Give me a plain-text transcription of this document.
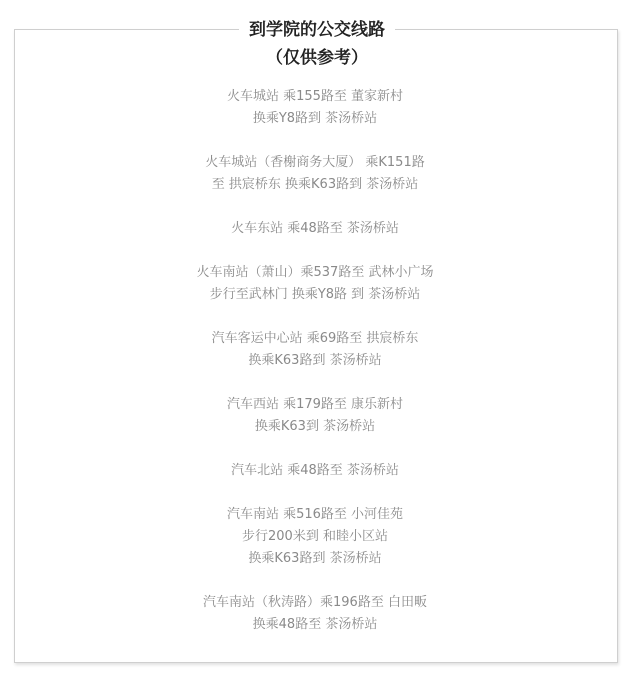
到学院的公交线路
（仅供参考）
火车城站 乘155路至 董家新村
换乘Y8路到 茶汤桥站
火车城站（香榭商务大厦） 乘K151路
至 拱宸桥东 换乘K63路到 茶汤桥站
火车东站 乘48路至 茶汤桥站
火车南站（萧山）乘537路至 武林小广场
步行至武林门 换乘Y8路 到 茶汤桥站
汽车客运中心站 乘69路至 拱宸桥东
换乘K63路到 茶汤桥站
汽车西站 乘179路至 康乐新村
换乘K63到 茶汤桥站
汽车北站 乘48路至 茶汤桥站
汽车南站 乘516路至 小河佳苑
步行200米到 和睦小区站
换乘K63路到 茶汤桥站
汽车南站（秋涛路）乘196路至 白田畈
换乘48路至 茶汤桥站
